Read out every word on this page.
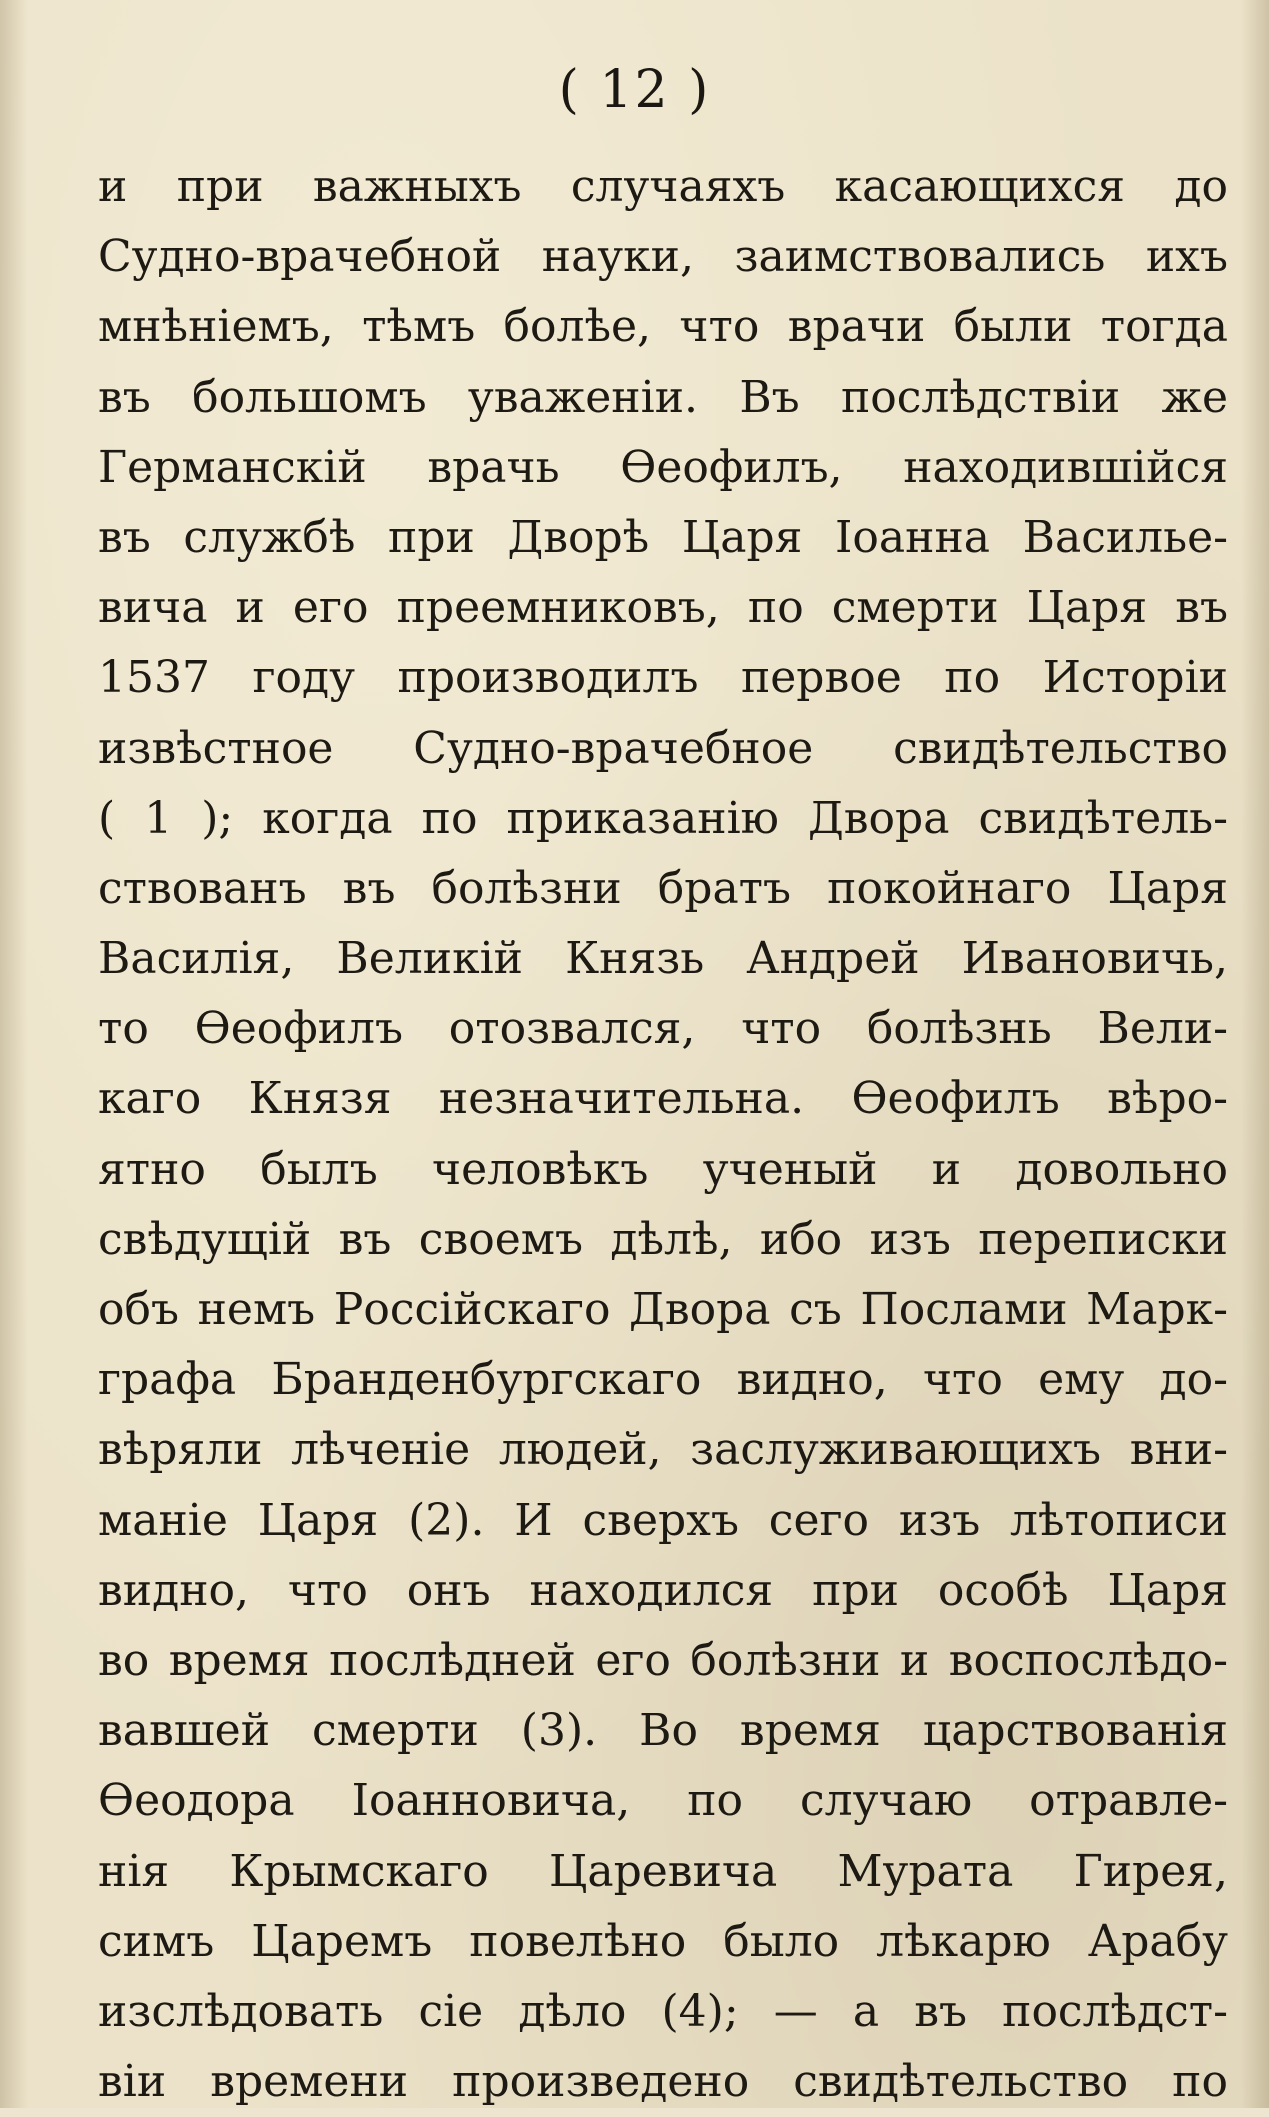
( 12 )
и при важныхъ случаяхъ касающихся до
Судно-врачебной науки, заимствовались ихъ
мнѣніемъ, тѣмъ болѣе, что врачи были тогда
въ большомъ уваженіи. Въ послѣдствіи же
Германскій врачь Ѳеофилъ, находившійся
въ службѣ при Дворѣ Царя Іоанна Василье-
вича и его преемниковъ, по смерти Царя въ
1537 году производилъ первое по Исторіи
извѣстное Судно-врачебное свидѣтельство
( 1 ); когда по приказанію Двора свидѣтель-
ствованъ въ болѣзни братъ покойнаго Царя
Василія, Великій Князь Андрей Ивановичь,
то Ѳеофилъ отозвался, что болѣзнь Вели-
каго Князя незначительна. Ѳеофилъ вѣро-
ятно былъ человѣкъ ученый и довольно
свѣдущій въ своемъ дѣлѣ, ибо изъ переписки
объ немъ Россійскаго Двора съ Послами Марк-
графа Бранденбургскаго видно, что ему до-
вѣряли лѣченіе людей, заслуживающихъ вни-
маніе Царя (2). И сверхъ сего изъ лѣтописи
видно, что онъ находился при особѣ Царя
во время послѣдней его болѣзни и воспослѣдо-
вавшей смерти (3). Во время царствованія
Ѳеодора Іоанновича, по случаю отравле-
нія Крымскаго Царевича Мурата Гирея,
симъ Царемъ повелѣно было лѣкарю Арабу
изслѣдовать сіе дѣло (4); — а въ послѣдст-
віи времени произведено свидѣтельство по
